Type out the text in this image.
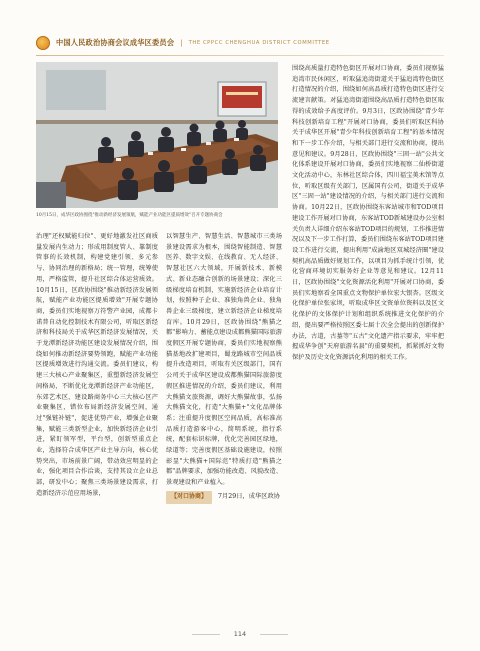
中国人民政治协商会议成华区委员会 | THE CPPCC CHENGHUA DISTRICT COMMITTEE
10月15日，成华区政协围绕"推动新经济发展领航，赋能产业功能区提质增效"召开专题协商会

治理"还权赋能归位"、更好地激发社区商质量发展内生动力；形成用制度管人、靠制度管事的长效机制，构建党建引领、多元参与、协同治理的新格局；统一管理，统筹使用，严格监管，提升社区综合体运营质效。10月15日，区政协围绕"推动新经济发展领航，赋能产业功能区提质增效"开展专题协商，委员们实地视察万符警产业园，成都卡诺普自动化控制技术有限公司，听取区新经济和科技局关于成华区新经济发展情况，关于龙潭新经济功能区建设发展情况介绍，围绕如何推动新经济要势领跑，赋能产业功能区提质增效进行沟通交流。委员们建议，构建三大核心产业聚集区，重塑新经济发展空间格局，不断优化龙潭新经济产业功能区，东郊艺术区，建设路商务中心三大核心区产业聚集区，错位布局新经济发展空间，通过"强链补链"，促进优势产业，增强企业聚集，赋能三类新型企业，加快新经济企业引进，紧盯领军型，平台型，创新型重点企业，选择符合成华区产业主导方向，核心优势突出，市场前景广阔，带动效应明显的企业，强化项目合作洽谈，支持其设立企业总部，研发中心；聚焦三类场景建设需求，打造新经济示范应用场景，

以智慧生产、智慧生活、智慧城市三类场景建设需求为根本，围绕智能制造、智慧医养、数字文娱、在线教育、无人经济、智慧社区六大领域，开展新技术、新模式、新业态融合创新的场景建设；深化三级梯度培育机制，实施新经济企业培育计划，按照种子企业、准独角兽企业、独角兽企业三级梯度，建立新经济企业梯度培育库。10月29日，区政协围绕"熊猫之都"影响力、蓄能点建设成都熊猫国际旅游度假区开展专题协商，委员们实地视察熊猫基地改扩建项目，蜀龙路城市空间品质提升改造项目，听取有关区级部门，国有公司关于成华区建设成都熊猫国际旅游度假区推进情况的介绍，委员们建议，利用大熊猫文旅资源，调好大熊猫故事，弘扬大熊猫文化，打造"大熊猫+"文化品牌体系；注重提升度假区空间品质，高标准高品质打造游客中心，简明系统，指行系统，配套标识标牌，优化完善园区绿地，绿道等；完善度假区基础设施建设，按照彰显"大熊猫+国际范"特质打造"熊猫之都"品牌要求，加强功能改造、风貌改造、景观建设和产业植入。

【对口协商】	7月29日，成华区政协

围绕高质量打造特色街区开展对口协商，委员们视察猛追湾市民休闲区，听取猛追湾街道关于猛追湾特色街区打造情况的介绍，围绕如何高品质打造特色街区进行交流建言献策。对猛追湾街道围绕高品质打造特色街区取得的成效给予高度评价。9月3日，区政协围绕"青少年科技创新培育工程"开展对口协商，委员们听取区科协关于成华区开展"青少年科技创新培育工程"的基本情况和下一步工作介绍，与相关部门进行交流和协商，提出意见和建议。9月28日，区政协围绕"三固一站"公共文化体系建设开展对口协商，委员们实地视察二仙桥街道文化活动中心，东林社区综合体，四川福宝美术馆等点位，听取区级有关部门，区属国有公司，街道关于成华区"三固一站"建设情况的介绍，与相关部门进行交流和协商。10月22日，区政协围绕东客站城市和TOD项目建设工作开展对口协商，东客站TOD新城建设办公室相关负责人详细介绍东客站TOD项目的规划，工作推进情况以及下一步工作打算，委员们围绕东客站TOD项目建设工作进行交流，提出利用"成渝地区双城经济圈"建设契机高品质做好规划工作，以项目为抓手统计引领，优化营商环境切实服务好企业等意见和建议。12月11日，区政协围绕"文化资源活化利用"开展对口协商，委员们实地察看全国重点文物保护单位宏大银杏。区级文化保护单位张家坝，听取成华区文资单位资料以及区文化保护的文体保护计划和组织系统推进文化保护的介绍，提出要严格按照区委七届十次全会提出的创新保护办法，古道，古墓等"五古"文化遗产指示要求，牢牢把握成华争创"天府旅游名县"的重要契机，抓紧抓好文物保护及历史文化资源活化利用的相关工作。

114
